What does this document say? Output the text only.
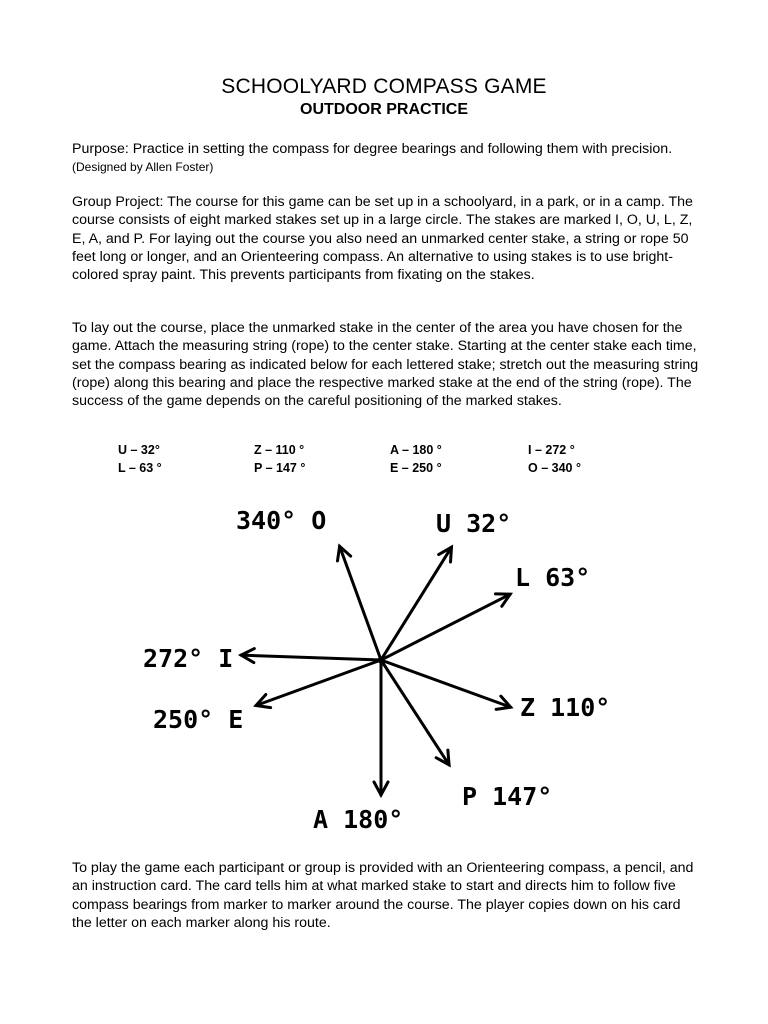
SCHOOLYARD COMPASS GAME
OUTDOOR PRACTICE

Purpose: Practice in setting the compass for degree bearings and following them with precision. (Designed by Allen Foster)

Group Project: The course for this game can be set up in a schoolyard, in a park, or in a camp. The course consists of eight marked stakes set up in a large circle. The stakes are marked I, O, U, L, Z, E, A, and P. For laying out the course you also need an unmarked center stake, a string or rope 50 feet long or longer, and an Orienteering compass. An alternative to using stakes is to use bright-colored spray paint. This prevents participants from fixating on the stakes.

To lay out the course, place the unmarked stake in the center of the area you have chosen for the game. Attach the measuring string (rope) to the center stake. Starting at the center stake each time, set the compass bearing as indicated below for each lettered stake; stretch out the measuring string (rope) along this bearing and place the respective marked stake at the end of the string (rope). The success of the game depends on the careful positioning of the marked stakes.

U – 32°	Z – 110 °	A – 180 °	I – 272 °
L – 63 °	P – 147 °	E – 250 °	O – 340 °
340° O	U 32°
L 63°
272° I
Z 110°
250° E
P 147°
A 180°

To play the game each participant or group is provided with an Orienteering compass, a pencil, and an instruction card. The card tells him at what marked stake to start and directs him to follow five compass bearings from marker to marker around the course. The player copies down on his card the letter on each marker along his route.
